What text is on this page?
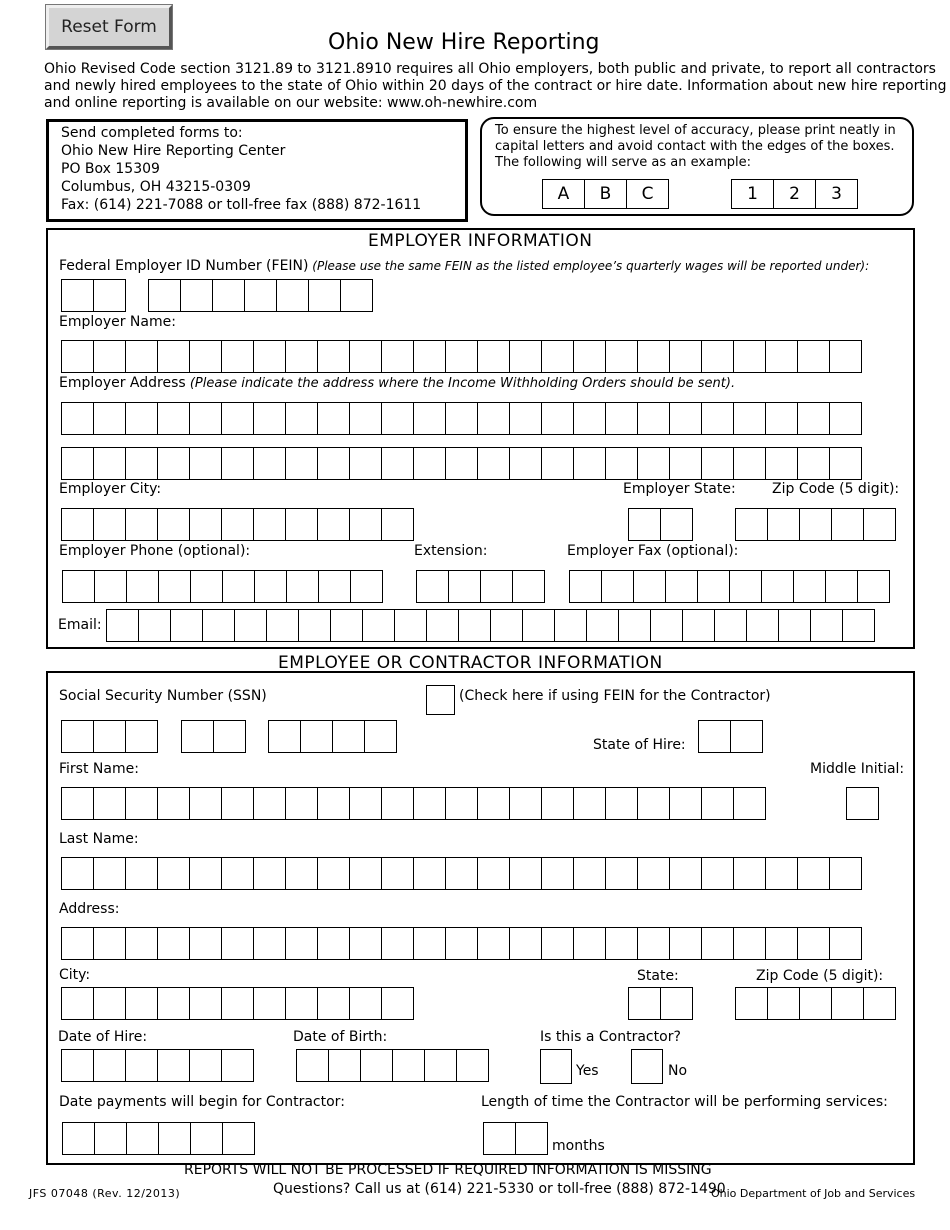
Reset Form
Ohio New Hire Reporting
Ohio Revised Code section 3121.89 to 3121.8910 requires all Ohio employers, both public and private, to report all contractors
and newly hired employees to the state of Ohio within 20 days of the contract or hire date. Information about new hire reporting
and online reporting is available on our website: www.oh-newhire.com
Send completed forms to:
Ohio New Hire Reporting Center
PO Box 15309
Columbus, OH 43215-0309
Fax: (614) 221-7088 or toll-free fax (888) 872-1611
To ensure the highest level of accuracy, please print neatly in
capital letters and avoid contact with the edges of the boxes.
The following will serve as an example:
A	B	C	1	2	3
EMPLOYER INFORMATION
Federal Employer ID Number (FEIN) (Please use the same FEIN as the listed employee’s quarterly wages will be reported under):
Employer Name:
Employer Address (Please indicate the address where the Income Withholding Orders should be sent).
Employer City:	Employer State:	Zip Code (5 digit):
Employer Phone (optional):	Extension:	Employer Fax (optional):
Email:
EMPLOYEE OR CONTRACTOR INFORMATION
Social Security Number (SSN)	(Check here if using FEIN for the Contractor)
State of Hire:
First Name:	Middle Initial:
Last Name:
Address:
City:	State:	Zip Code (5 digit):
Date of Hire:	Date of Birth:	Is this a Contractor?
Yes	No
Date payments will begin for Contractor:	Length of time the Contractor will be performing services:
months
REPORTS WILL NOT BE PROCESSED IF REQUIRED INFORMATION IS MISSING
Questions? Call us at (614) 221-5330 or toll-free (888) 872-1490
JFS 07048 (Rev. 12/2013)	Ohio Department of Job and Services
